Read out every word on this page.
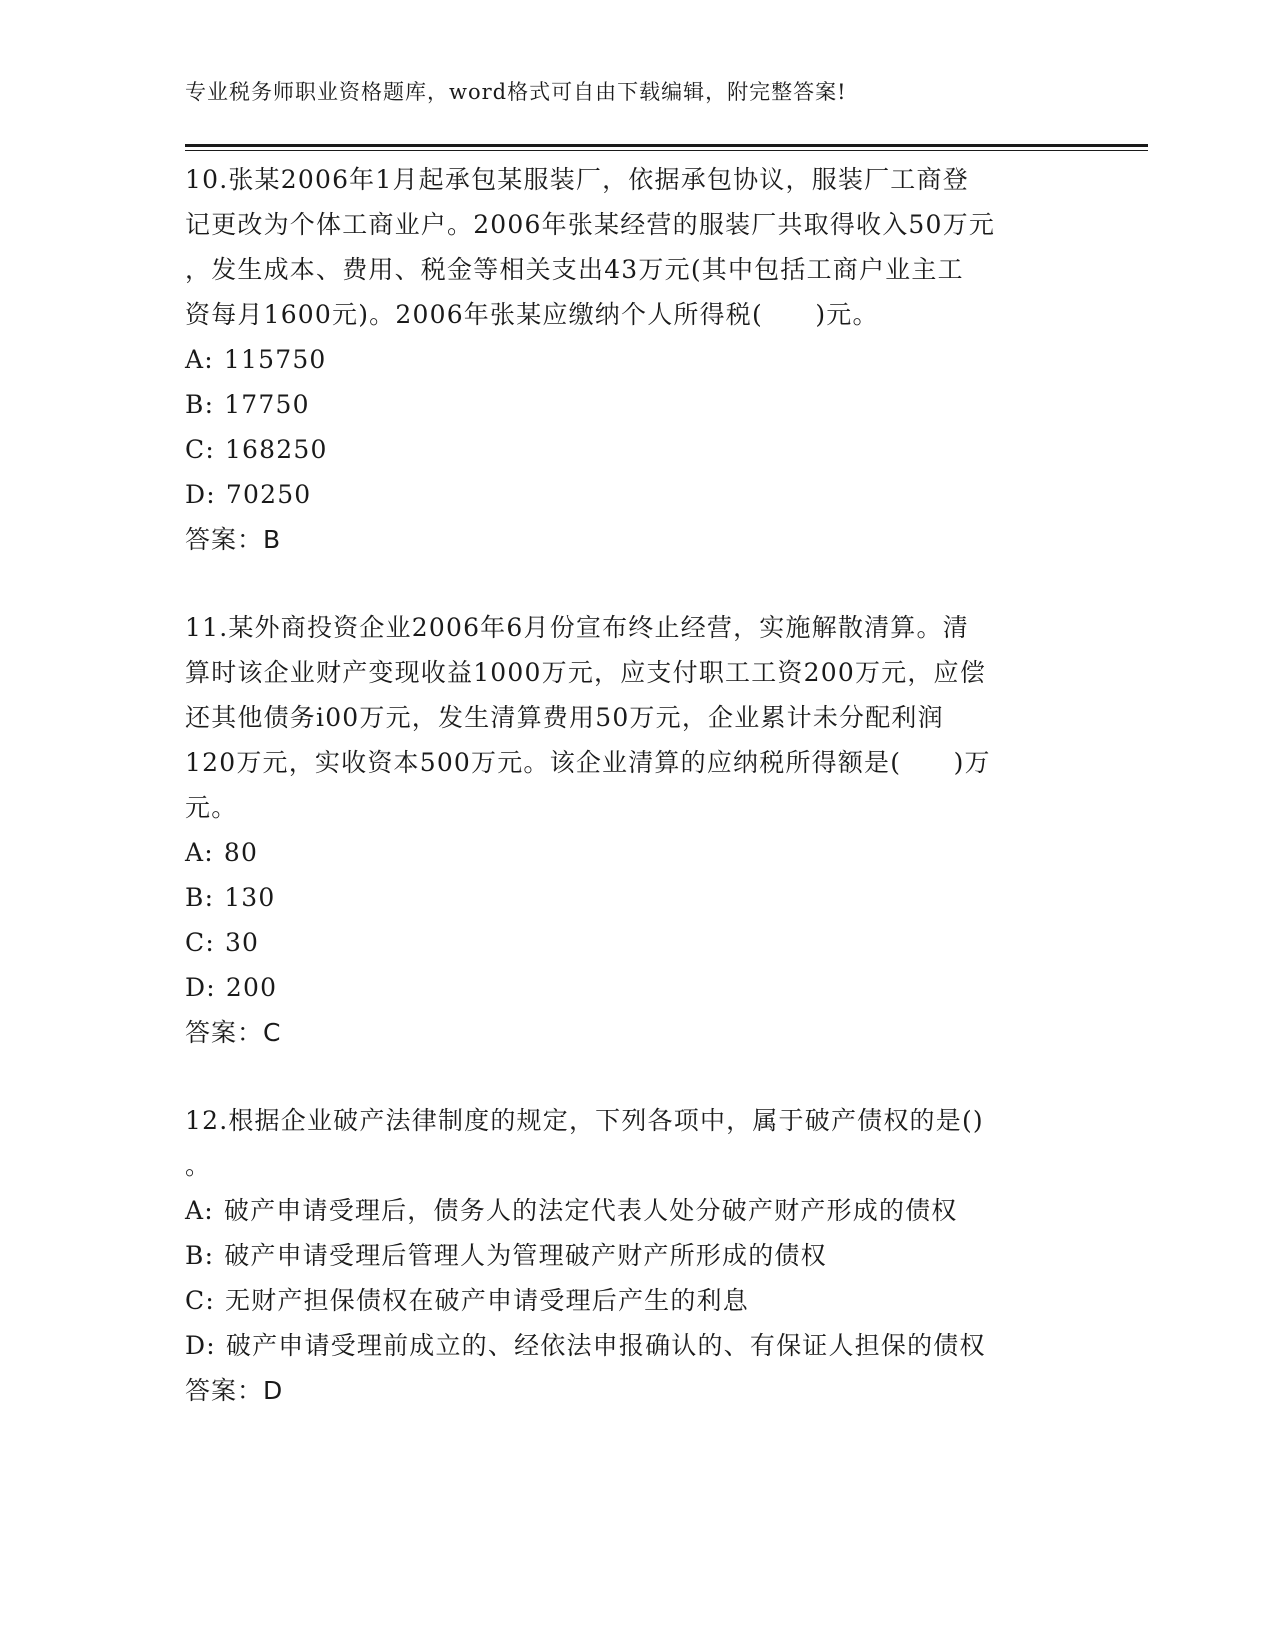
专业税务师职业资格题库，word格式可自由下载编辑，附完整答案!
10.张某2006年1月起承包某服装厂，依据承包协议，服装厂工商登
记更改为个体工商业户。2006年张某经营的服装厂共取得收入50万元
，发生成本、费用、税金等相关支出43万元(其中包括工商户业主工
资每月1600元)。2006年张某应缴纳个人所得税(　　)元。
A: 115750
B: 17750
C: 168250
D: 70250
答案：B
11.某外商投资企业2006年6月份宣布终止经营，实施解散清算。清
算时该企业财产变现收益1000万元，应支付职工工资200万元，应偿
还其他债务i00万元，发生清算费用50万元，企业累计未分配利润
120万元，实收资本500万元。该企业清算的应纳税所得额是(　　)万
元。
A: 80
B: 130
C: 30
D: 200
答案：C
12.根据企业破产法律制度的规定，下列各项中，属于破产债权的是()
。
A: 破产申请受理后，债务人的法定代表人处分破产财产形成的债权
B: 破产申请受理后管理人为管理破产财产所形成的债权
C: 无财产担保债权在破产申请受理后产生的利息
D: 破产申请受理前成立的、经依法申报确认的、有保证人担保的债权
答案：D
